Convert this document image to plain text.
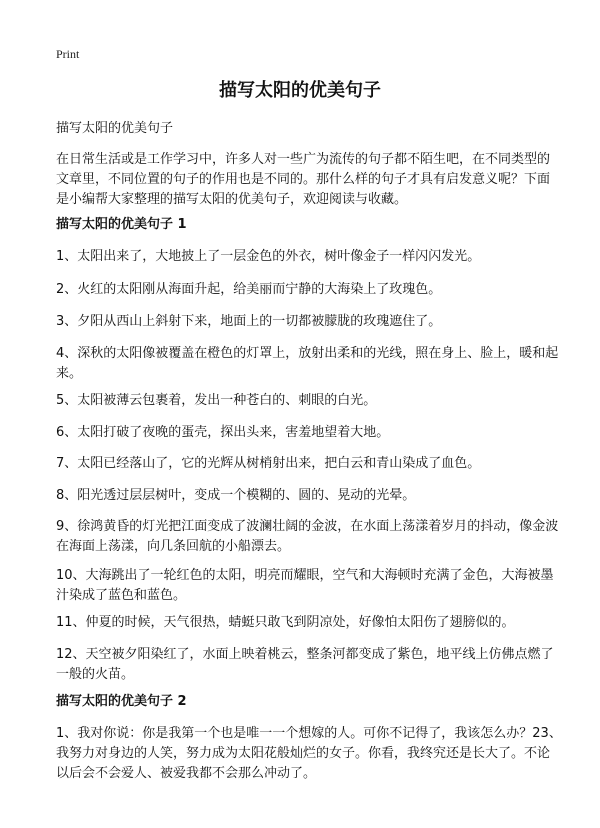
Print
描写太阳的优美句子
描写太阳的优美句子
在日常生活或是工作学习中，许多人对一些广为流传的句子都不陌生吧，在不同类型的文章里，不同位置的句子的作用也是不同的。那什么样的句子才具有启发意义呢？下面是小编帮大家整理的描写太阳的优美句子，欢迎阅读与收藏。
描写太阳的优美句子 1
1、太阳出来了，大地披上了一层金色的外衣，树叶像金子一样闪闪发光。
2、火红的太阳刚从海面升起，给美丽而宁静的大海染上了玫瑰色。
3、夕阳从西山上斜射下来，地面上的一切都被朦胧的玫瑰遮住了。
4、深秋的太阳像被覆盖在橙色的灯罩上，放射出柔和的光线，照在身上、脸上，暖和起来。
5、太阳被薄云包裹着，发出一种苍白的、刺眼的白光。
6、太阳打破了夜晚的蛋壳，探出头来，害羞地望着大地。
7、太阳已经落山了，它的光辉从树梢射出来，把白云和青山染成了血色。
8、阳光透过层层树叶，变成一个模糊的、圆的、晃动的光晕。
9、徐鸿黄昏的灯光把江面变成了波澜壮阔的金波，在水面上荡漾着岁月的抖动，像金波在海面上荡漾，向几条回航的小船漂去。
10、大海跳出了一轮红色的太阳，明亮而耀眼，空气和大海顿时充满了金色，大海被墨汁染成了蓝色和蓝色。
11、仲夏的时候，天气很热，蜻蜓只敢飞到阴凉处，好像怕太阳伤了翅膀似的。
12、天空被夕阳染红了，水面上映着桃云，整条河都变成了紫色，地平线上仿佛点燃了一般的火苗。
描写太阳的优美句子 2
1、我对你说：你是我第一个也是唯一一个想嫁的人。可你不记得了，我该怎么办？23、我努力对身边的人笑，努力成为太阳花般灿烂的女子。你看，我终究还是长大了。不论以后会不会爱人、被爱我都不会那么冲动了。
